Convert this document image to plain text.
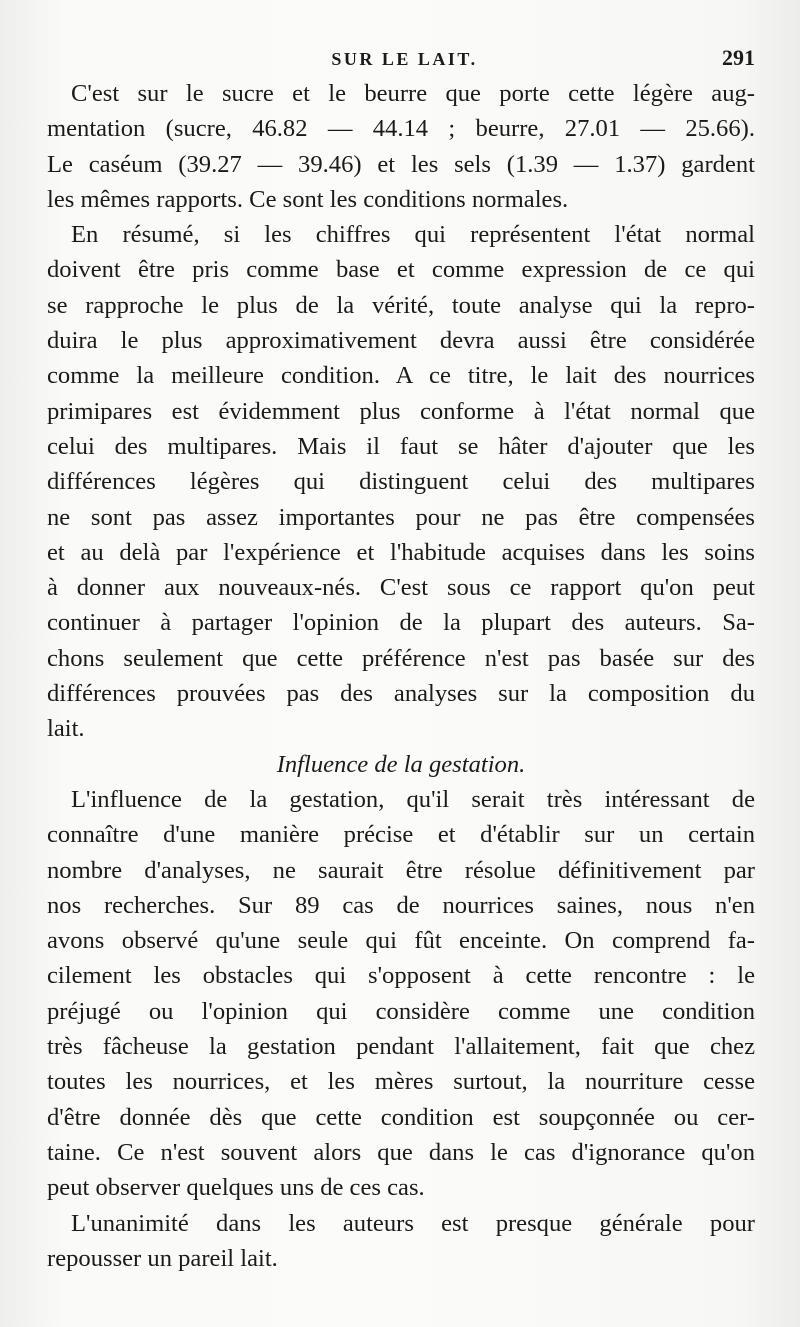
SUR LE LAIT.	291
C'est sur le sucre et le beurre que porte cette légère aug-
mentation (sucre, 46.82 — 44.14 ; beurre, 27.01 — 25.66).
Le caséum (39.27 — 39.46) et les sels (1.39 — 1.37) gardent
les mêmes rapports. Ce sont les conditions normales.
En résumé, si les chiffres qui représentent l'état normal
doivent être pris comme base et comme expression de ce qui
se rapproche le plus de la vérité, toute analyse qui la repro-
duira le plus approximativement devra aussi être considérée
comme la meilleure condition. A ce titre, le lait des nourrices
primipares est évidemment plus conforme à l'état normal que
celui des multipares. Mais il faut se hâter d'ajouter que les
différences légères qui distinguent celui des multipares
ne sont pas assez importantes pour ne pas être compensées
et au delà par l'expérience et l'habitude acquises dans les soins
à donner aux nouveaux-nés. C'est sous ce rapport qu'on peut
continuer à partager l'opinion de la plupart des auteurs. Sa-
chons seulement que cette préférence n'est pas basée sur des
différences prouvées pas des analyses sur la composition du
lait.
Influence de la gestation.
L'influence de la gestation, qu'il serait très intéressant de
connaître d'une manière précise et d'établir sur un certain
nombre d'analyses, ne saurait être résolue définitivement par
nos recherches. Sur 89 cas de nourrices saines, nous n'en
avons observé qu'une seule qui fût enceinte. On comprend fa-
cilement les obstacles qui s'opposent à cette rencontre : le
préjugé ou l'opinion qui considère comme une condition
très fâcheuse la gestation pendant l'allaitement, fait que chez
toutes les nourrices, et les mères surtout, la nourriture cesse
d'être donnée dès que cette condition est soupçonnée ou cer-
taine. Ce n'est souvent alors que dans le cas d'ignorance qu'on
peut observer quelques uns de ces cas.
L'unanimité dans les auteurs est presque générale pour
repousser un pareil lait.
